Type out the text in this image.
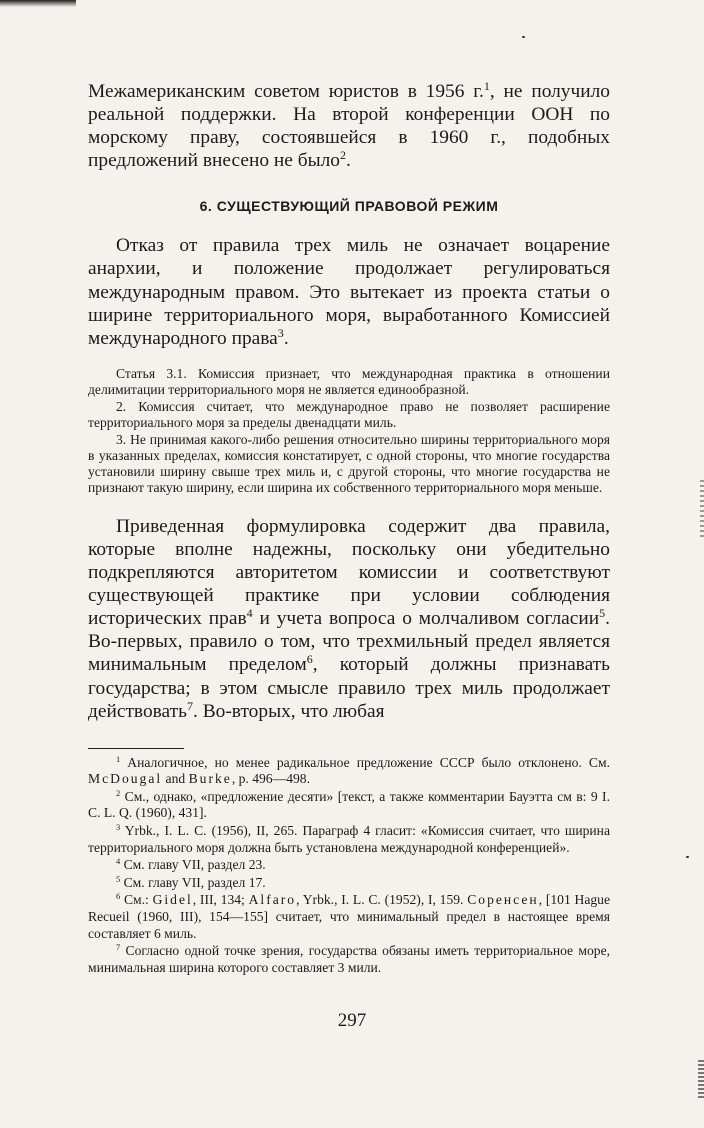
Межамериканским советом юристов в 1956 г.$^1$, не получило реальной поддержки. На второй конференции ООН по морскому праву, состоявшейся в 1960 г., подобных предложений внесено не было$^2$.

6. СУЩЕСТВУЮЩИЙ ПРАВОВОЙ РЕЖИМ

Отказ от правила трех миль не означает воцарение анархии, и положение продолжает регулироваться международным правом. Это вытекает из проекта статьи о ширине территориального моря, выработанного Комиссией международного права$^3$.

Статья 3.1. Комиссия признает, что международная практика в отношении делимитации территориального моря не является единообразной.

2. Комиссия считает, что международное право не позволяет расширение территориального моря за пределы двенадцати миль.

3. Не принимая какого-либо решения относительно ширины территориального моря в указанных пределах, комиссия констатирует, с одной стороны, что многие государства установили ширину свыше трех миль и, с другой стороны, что многие государства не признают такую ширину, если ширина их собственного территориального моря меньше.

Приведенная формулировка содержит два правила, которые вполне надежны, поскольку они убедительно подкрепляются авторитетом комиссии и соответствуют существующей практике при условии соблюдения исторических прав$^4$ и учета вопроса о молчаливом согласии$^5$. Во-первых, правило о том, что трехмильный предел является минимальным пределом$^6$, который должны признавать государства; в этом смысле правило трех миль продолжает действовать$^7$. Во-вторых, что любая

$^1$ Аналогичное, но менее радикальное предложение СССР было отклонено. См. McDougal and Burke, p. 496—498.

$^2$ См., однако, «предложение десяти» [текст, а также комментарии Бауэтта см в: 9 I. C. L. Q. (1960), 431].

$^3$ Yrbk., I. L. C. (1956), II, 265. Параграф 4 гласит: «Комиссия считает, что ширина территориального моря должна быть установлена международной конференцией».

$^4$ См. главу VII, раздел 23.

$^5$ См. главу VII, раздел 17.

$^6$ См.: Gidel, III, 134; Alfaro, Yrbk., I. L. C. (1952), I, 159. Соренсен, [101 Hague Recueil (1960, III), 154—155] считает, что минимальный предел в настоящее время составляет 6 миль.

$^7$ Согласно одной точке зрения, государства обязаны иметь территориальное море, минимальная ширина которого составляет 3 мили.

297
